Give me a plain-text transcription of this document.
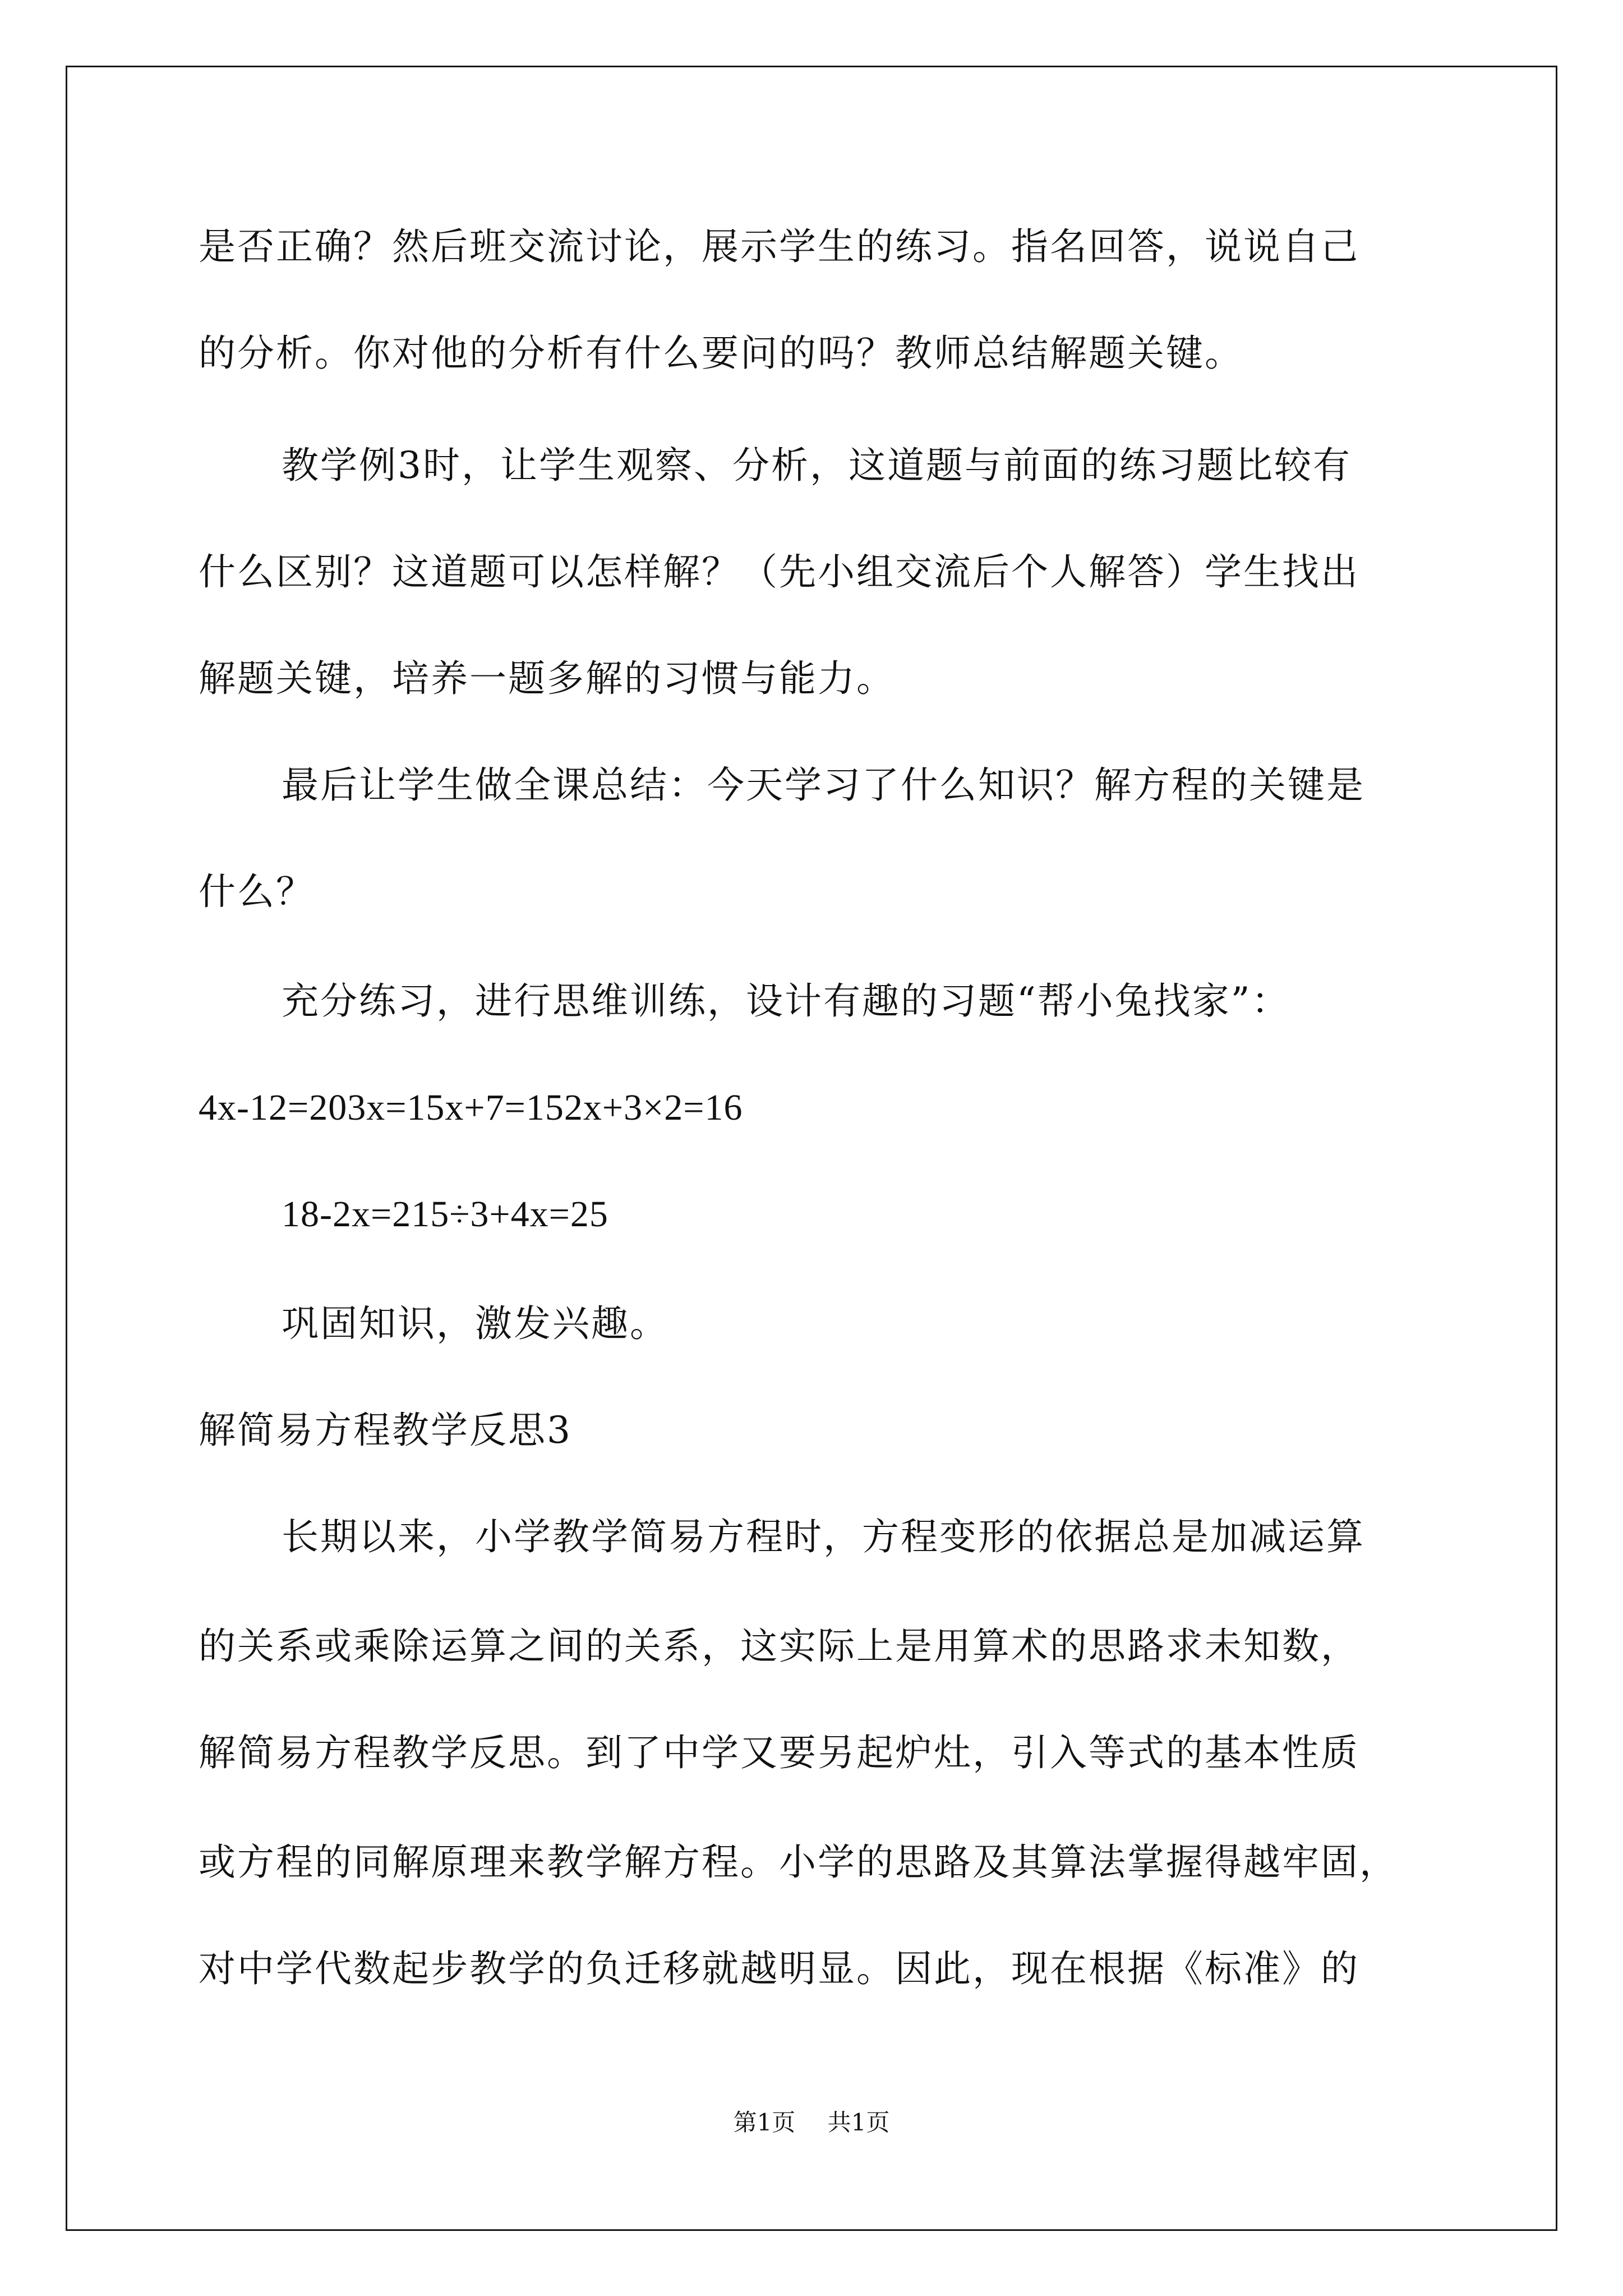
是否正确？然后班交流讨论，展示学生的练习。指名回答，说说自己
的分析。你对他的分析有什么要问的吗？教师总结解题关键。
教学例3时，让学生观察、分析，这道题与前面的练习题比较有
什么区别？这道题可以怎样解？（先小组交流后个人解答）学生找出
解题关键，培养一题多解的习惯与能力。
最后让学生做全课总结：今天学习了什么知识？解方程的关键是
什么？
充分练习，进行思维训练，设计有趣的习题“帮小兔找家”：
4x-12=203x=15x+7=152x+3×2=16
18-2x=215÷3+4x=25
巩固知识，激发兴趣。
解简易方程教学反思3
长期以来，小学教学简易方程时，方程变形的依据总是加减运算
的关系或乘除运算之间的关系，这实际上是用算术的思路求未知数，
解简易方程教学反思。到了中学又要另起炉灶，引入等式的基本性质
或方程的同解原理来教学解方程。小学的思路及其算法掌握得越牢固，
对中学代数起步教学的负迁移就越明显。因此，现在根据《标准》的
第1页 共1页
